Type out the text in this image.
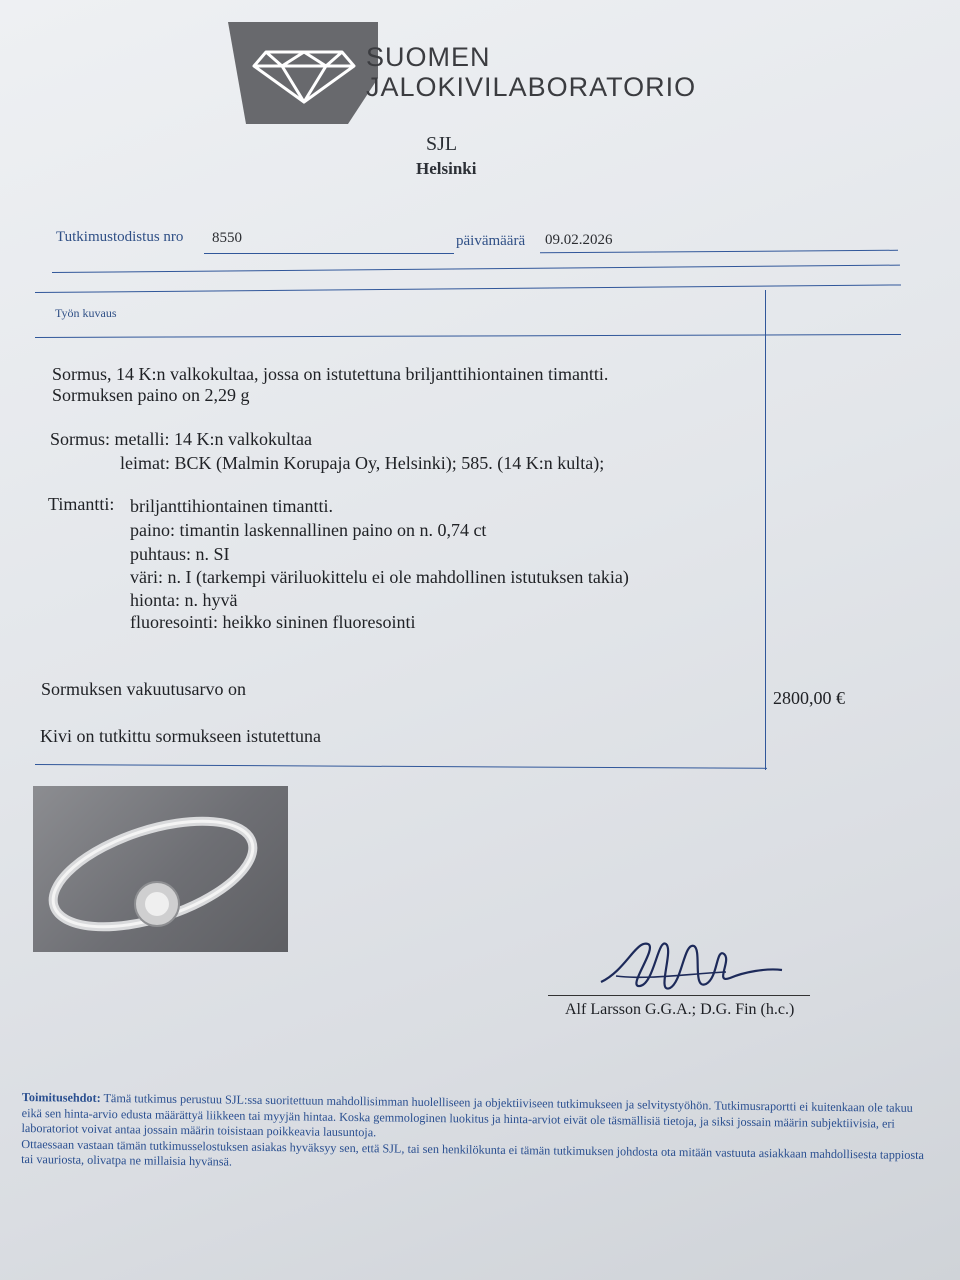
SUOMEN
JALOKIVILABORATORIO
SJL
Helsinki
Tutkimustodistus nro 8550	päivämäärä 09.02.2026
Työn kuvaus
Sormus, 14 K:n valkokultaa, jossa on istutettuna briljanttihiontainen timantti.
Sormuksen paino on 2,29 g
Sormus: metalli: 14 K:n valkokultaa
leimat: BCK (Malmin Korupaja Oy, Helsinki); 585. (14 K:n kulta);
Timantti: briljanttihiontainen timantti.
paino: timantin laskennallinen paino on n. 0,74 ct
puhtaus: n. SI
väri: n. I (tarkempi väriluokittelu ei ole mahdollinen istutuksen takia)
hionta: n. hyvä
fluoresointi: heikko sininen fluoresointi
Sormuksen vakuutusarvo on	2800,00 €
Kivi on tutkittu sormukseen istutettuna
Alf Larsson G.G.A.; D.G. Fin (h.c.)
Toimitusehdot: Tämä tutkimus perustuu SJL:ssa suoritettuun mahdollisimman huolelliseen ja objektiiviseen tutkimukseen ja selvitystyöhön. Tutkimusraportti ei kuitenkaan ole takuu eikä sen hinta-arvio edusta määrättyä liikkeen tai myyjän hintaa. Koska gemmologinen luokitus ja hinta-arviot eivät ole täsmällisiä tietoja, ja siksi jossain määrin subjektiivisia, eri laboratoriot voivat antaa jossain määrin toisistaan poikkeavia lausuntoja.
Ottaessaan vastaan tämän tutkimusselostuksen asiakas hyväksyy sen, että SJL, tai sen henkilökunta ei tämän tutkimuksen johdosta ota mitään vastuuta asiakkaan mahdollisesta tappiosta tai vauriosta, olivatpa ne millaisia hyvänsä.
